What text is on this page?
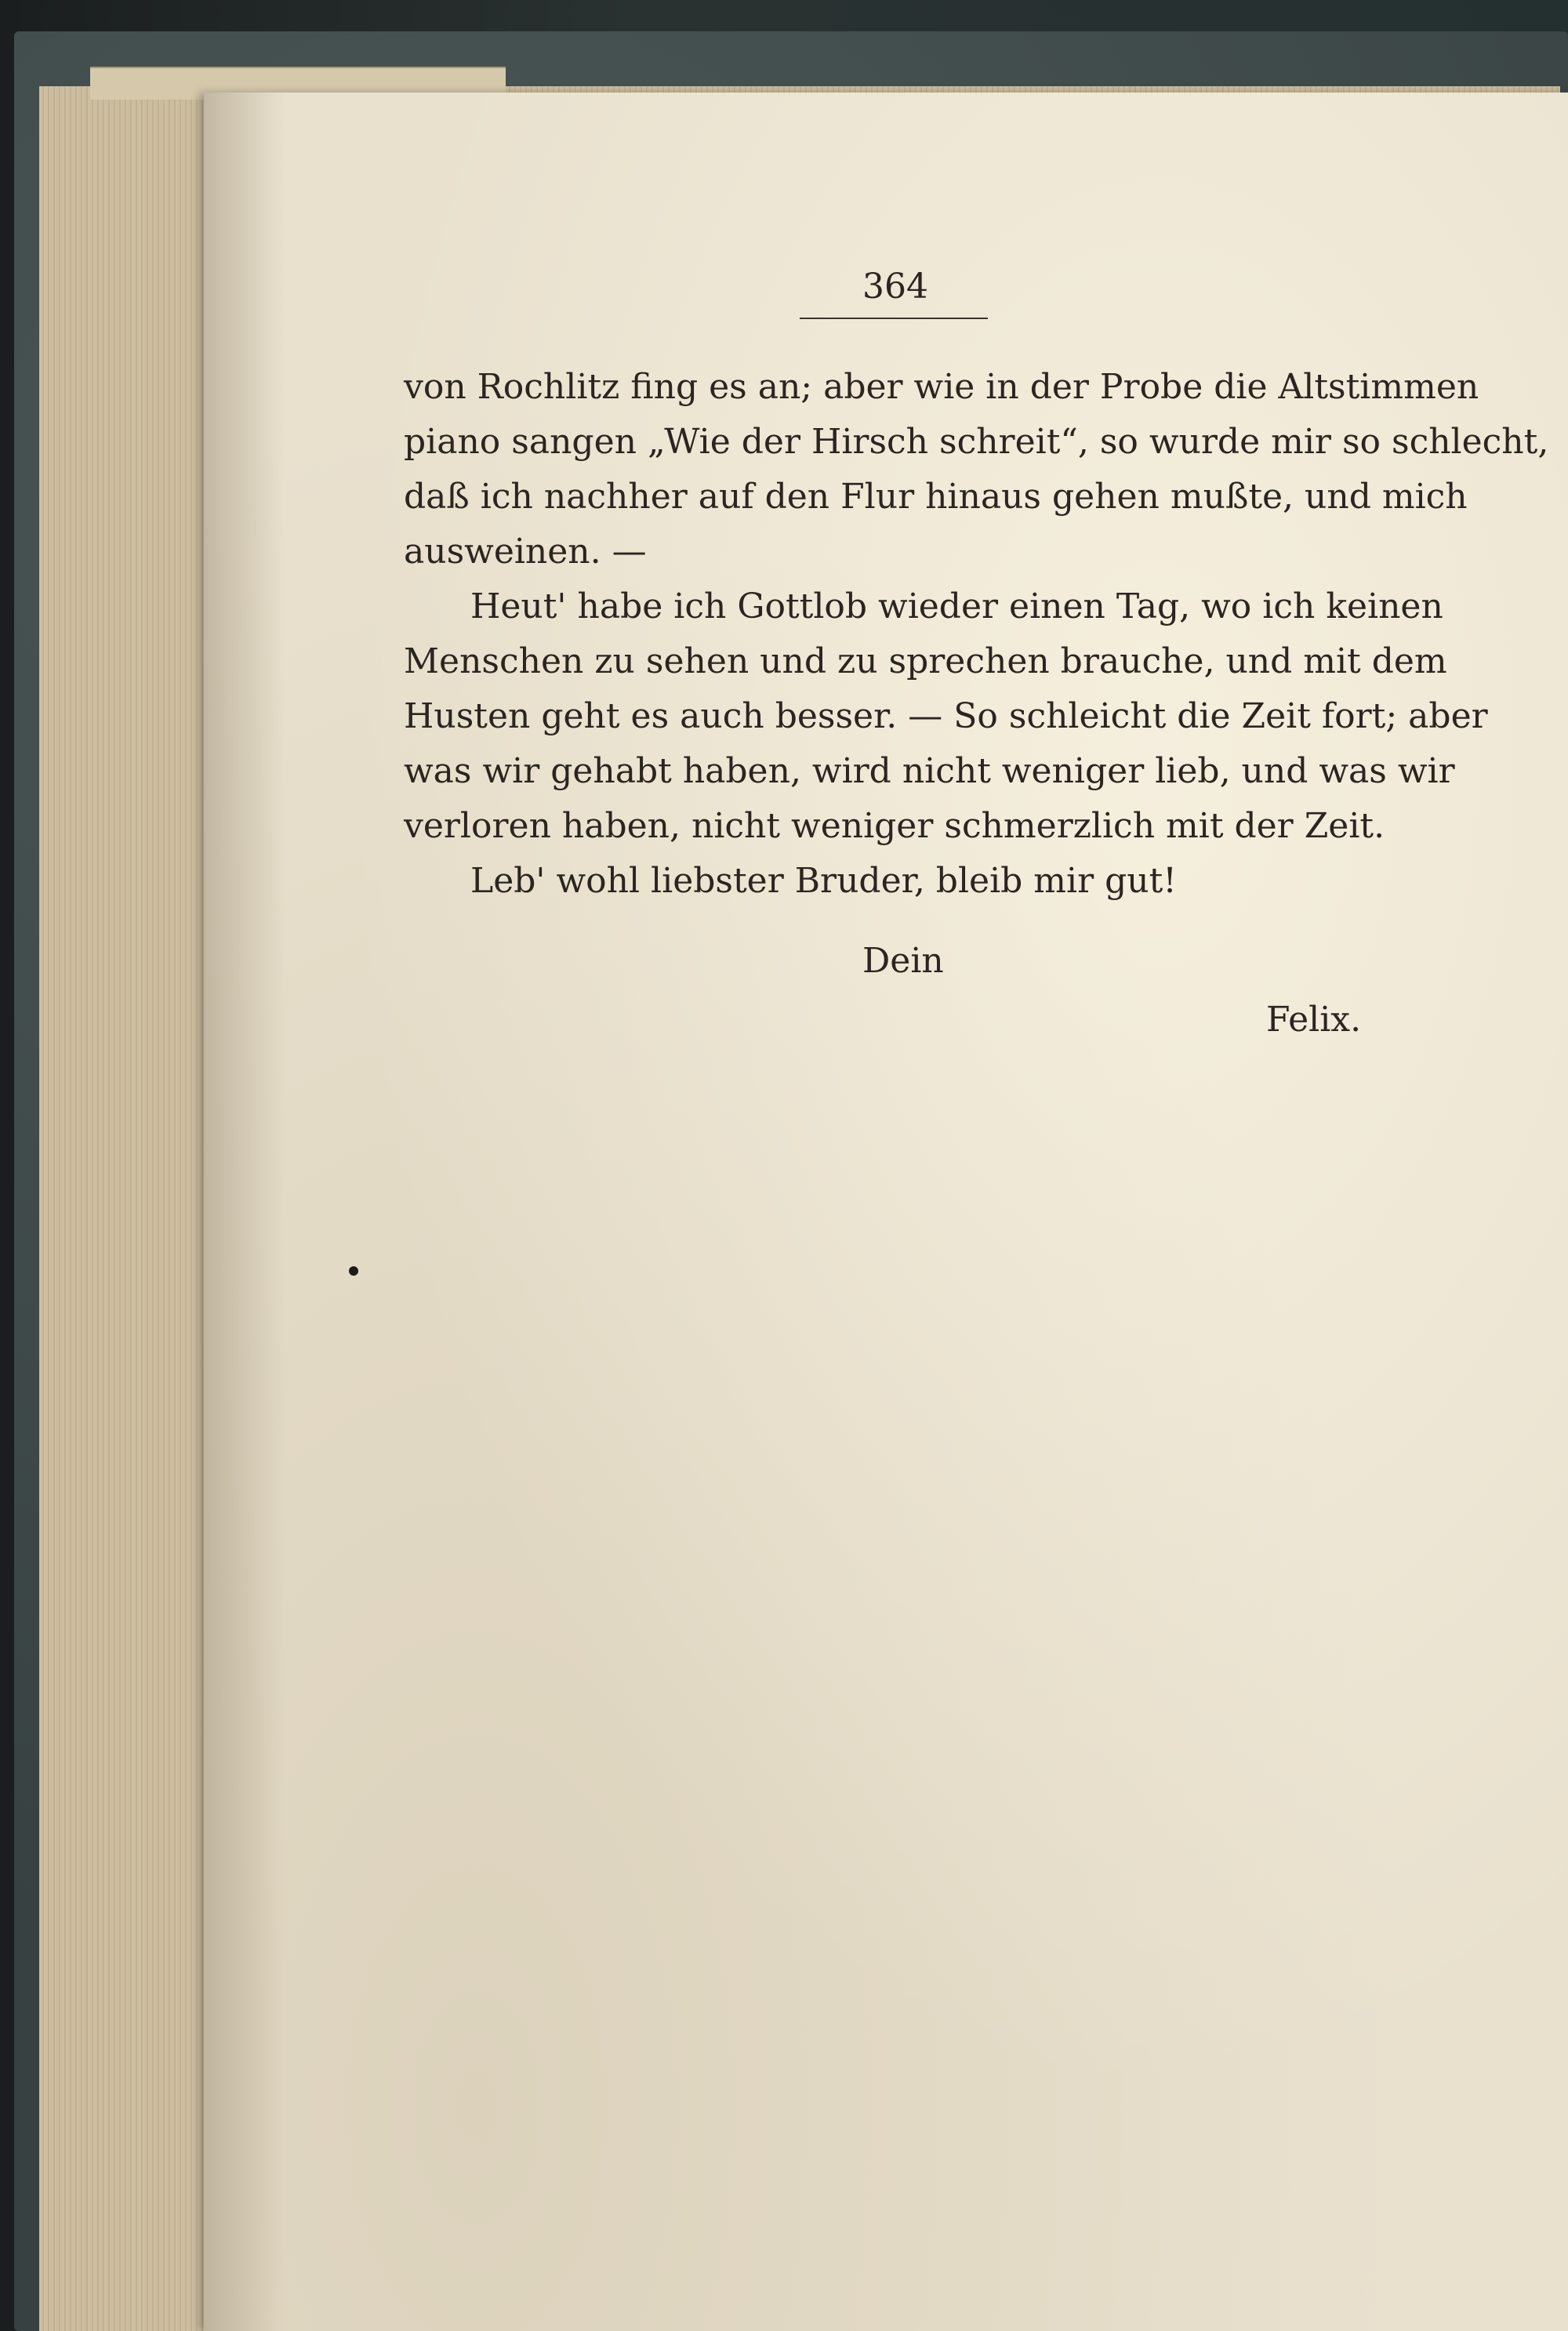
364
von Rochlitz fing es an; aber wie in der Probe die Altstimmen
piano sangen „Wie der Hirsch schreit“, so wurde mir so schlecht,
daß ich nachher auf den Flur hinaus gehen mußte, und mich
ausweinen. —
Heut' habe ich Gottlob wieder einen Tag, wo ich keinen
Menschen zu sehen und zu sprechen brauche, und mit dem
Husten geht es auch besser. — So schleicht die Zeit fort; aber
was wir gehabt haben, wird nicht weniger lieb, und was wir
verloren haben, nicht weniger schmerzlich mit der Zeit.
Leb' wohl liebster Bruder, bleib mir gut!
Dein
Felix.
